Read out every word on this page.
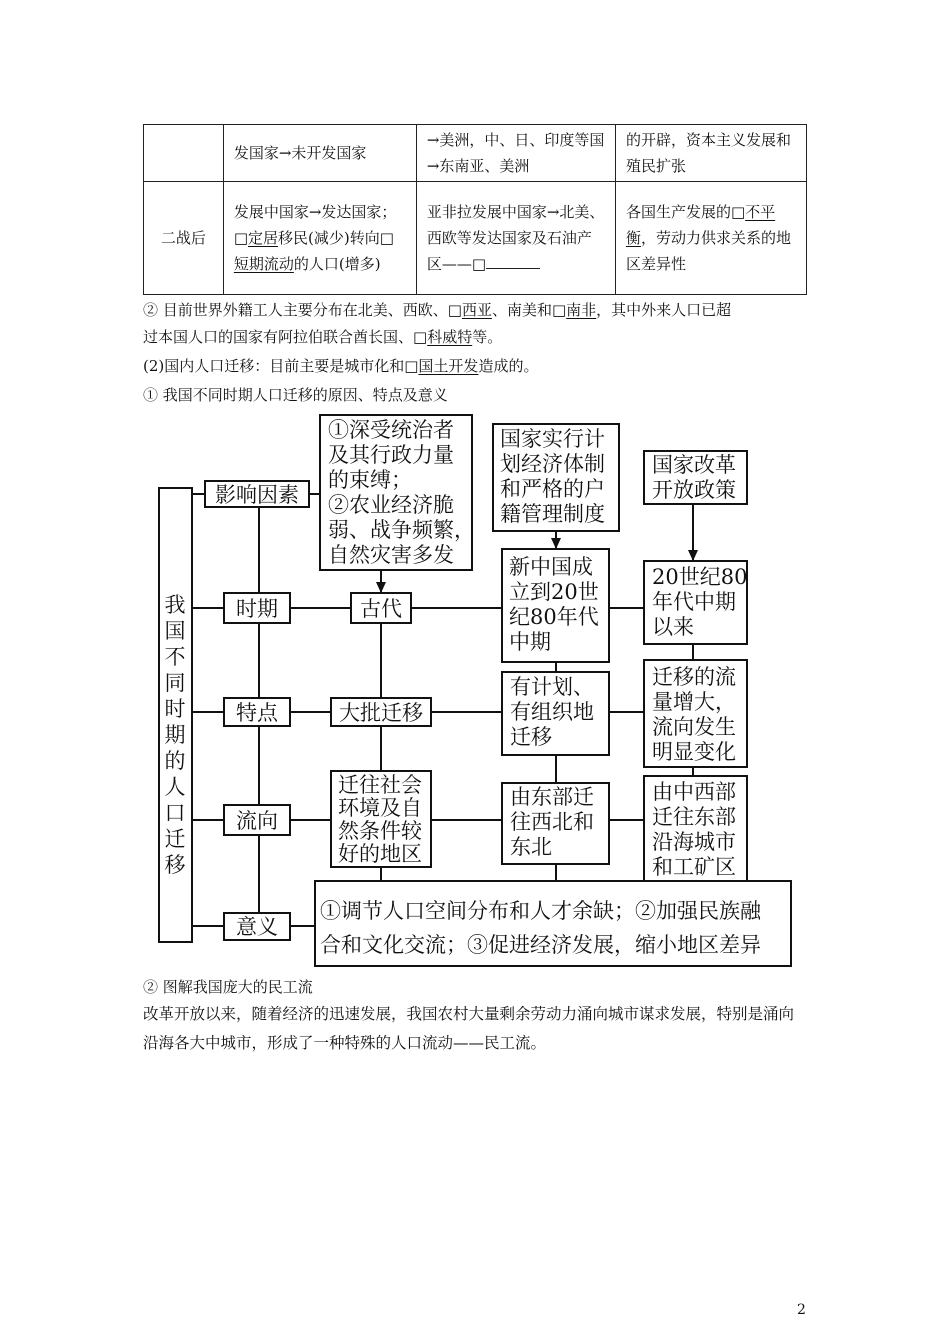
	发国家→未开发国家	→美洲，中、日、印度等国→东南亚、美洲	的开辟，资本主义发展和殖民扩张
二战后	发展中国家→发达国家；□定居移民(减少)转向□短期流动的人口(增多)	亚非拉发展中国家→北美、西欧等发达国家及石油产区——□	各国生产发展的□不平衡，劳动力供求关系的地区差异性
② 目前世界外籍工人主要分布在北美、西欧、□西亚、南美和□南非，其中外来人口已超
过本国人口的国家有阿拉伯联合酋长国、□科威特等。
(2)国内人口迁移：目前主要是城市化和□国土开发造成的。
① 我国不同时期人口迁移的原因、特点及意义
我国不同时期的人口迁移
影响因素
时期
特点
流向
意义
①深受统治者 及其行政力量 的束缚； ②农业经济脆 弱、战争频繁， 自然灾害多发
古代
大批迁移
迁往社会 环境及自 然条件较 好的地区
国家实行计 划经济体制 和严格的户 籍管理制度
新中国成 立到20世 纪80年代 中期
有计划、 有组织地 迁移
由东部迁 往西北和 东北
国家改革 开放政策
20世纪80 年代中期 以来
迁移的流 量增大， 流向发生 明显变化
由中西部 迁往东部 沿海城市 和工矿区
①调节人口空间分布和人才余缺；②加强民族融 合和文化交流；③促进经济发展，缩小地区差异
② 图解我国庞大的民工流
改革开放以来，随着经济的迅速发展，我国农村大量剩余劳动力涌向城市谋求发展，特别是涌向沿海各大中城市，形成了一种特殊的人口流动——民工流。
2
